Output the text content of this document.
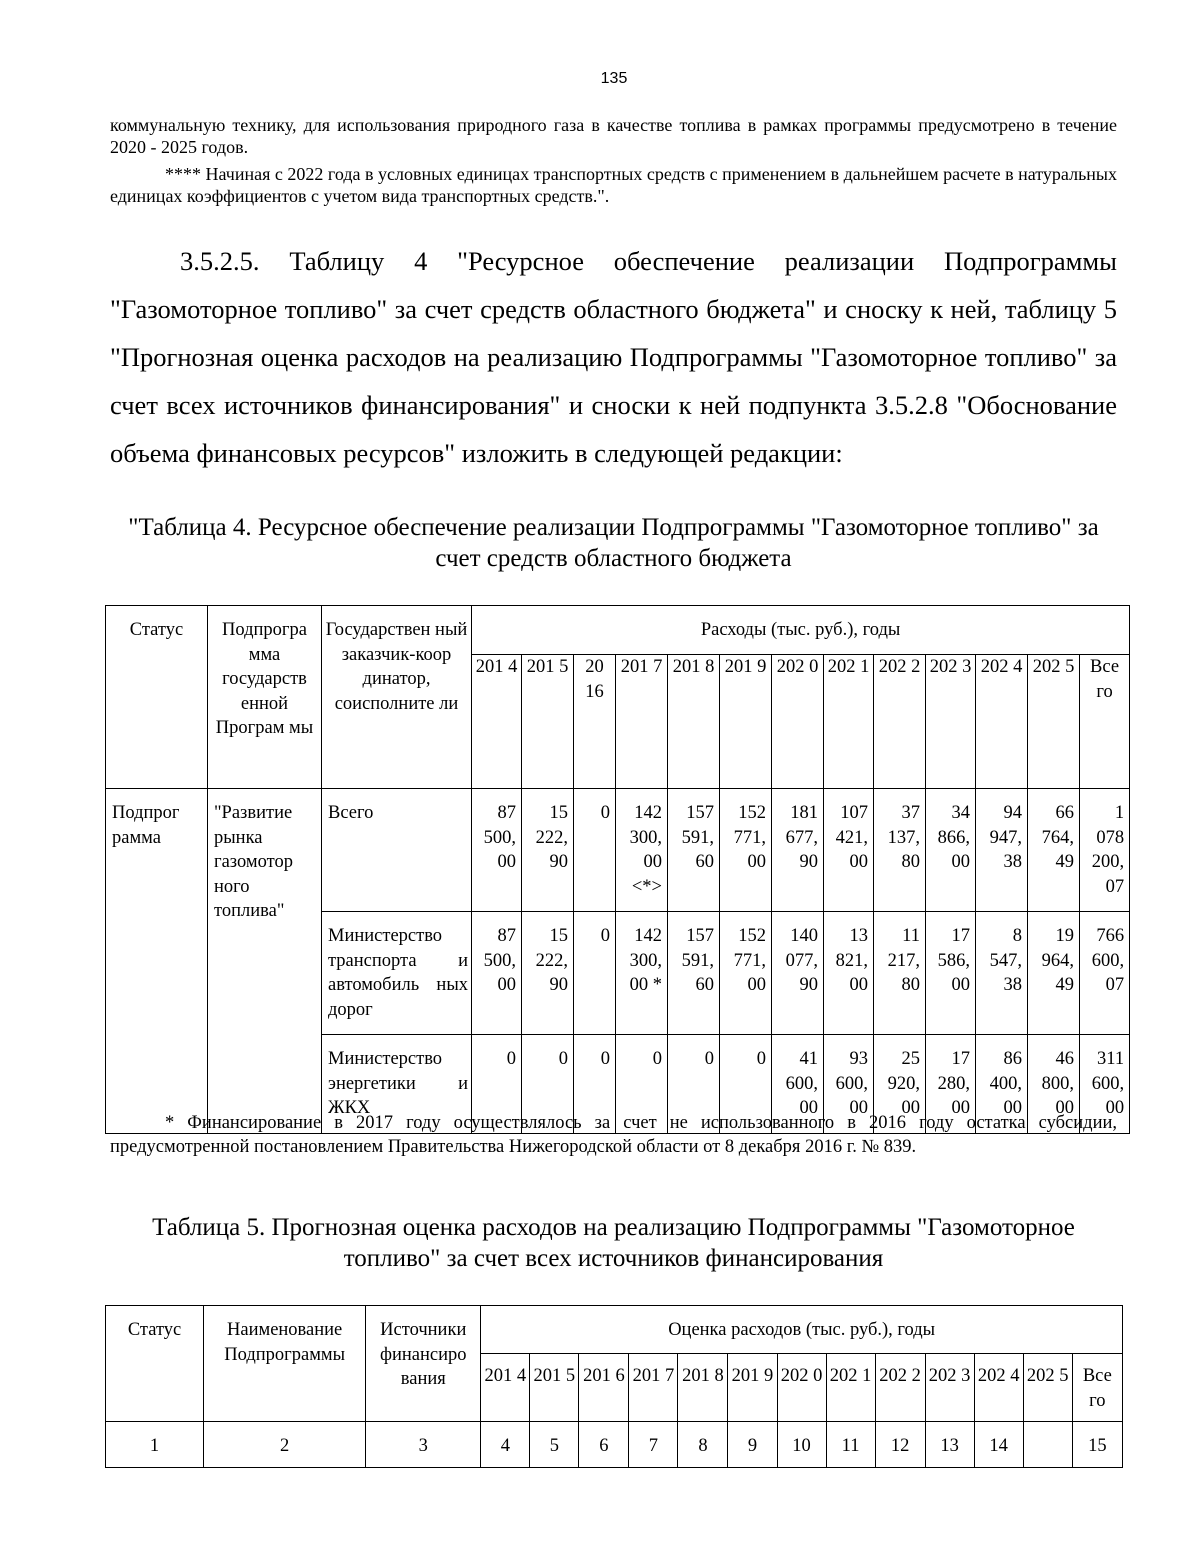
135

коммунальную технику, для использования природного газа в качестве топлива в рамках программы предусмотрено в течение 2020 - 2025 годов.

**** Начиная с 2022 года в условных единицах транспортных средств с применением в дальнейшем расчете в натуральных единицах коэффициентов с учетом вида транспортных средств.".

3.5.2.5. Таблицу 4 "Ресурсное обеспечение реализации Подпрограммы "Газомоторное топливо" за счет средств областного бюджета" и сноску к ней, таблицу 5 "Прогнозная оценка расходов на реализацию Подпрограммы "Газомоторное топливо" за счет всех источников финансирования" и сноски к ней подпункта 3.5.2.8 "Обоснование объема финансовых ресурсов" изложить в следующей редакции:

"Таблица 4. Ресурсное обеспечение реализации Подпрограммы "Газомоторное топливо" за счет средств областного бюджета

Статус	Подпрогра мма государств енной Програм мы	Государствен ный заказчик-коор динатор, соисполните ли	Расходы (тыс. руб.), годы												
			201 4	201 5	20 16	201 7	201 8	201 9	202 0	202 1	202 2	202 3	202 4	202 5	Все го
Подпрог рамма	"Развитие рынка газомотор ного топлива"	Всего	87 500, 00	15 222, 90	0	142 300, 00 <*>	157 591, 60	152 771, 00	181 677, 90	107 421, 00	37 137, 80	34 866, 00	94 947, 38	66 764, 49	1 078 200, 07

		Министерство транспорта и автомобиль ных дорог	87 500, 00	15 222, 90	0	142 300, 00 *	157 591, 60	152 771, 00	140 077, 90	13 821, 00	11 217, 80	17 586, 00	8 547, 38	19 964, 49	766 600, 07

		Министерство энергетики и ЖКХ	0	0	0	0	0	0	41 600, 00	93 600, 00	25 920, 00	17 280, 00	86 400, 00	46 800, 00	311 600, 00

* Финансирование в 2017 году осуществлялось за счет не использованного в 2016 году остатка субсидии, предусмотренной постановлением Правительства Нижегородской области от 8 декабря 2016 г. № 839.

Таблица 5. Прогнозная оценка расходов на реализацию Подпрограммы "Газомоторное топливо" за счет всех источников финансирования

Статус	Наименование Подпрограммы	Источники финансиро вания	Оценка расходов (тыс. руб.), годы												
			201 4	201 5	201 6	201 7	201 8	201 9	202 0	202 1	202 2	202 3	202 4	202 5	Все го
1	2	3	4	5	6	7	8	9	10	11	12	13	14		15
